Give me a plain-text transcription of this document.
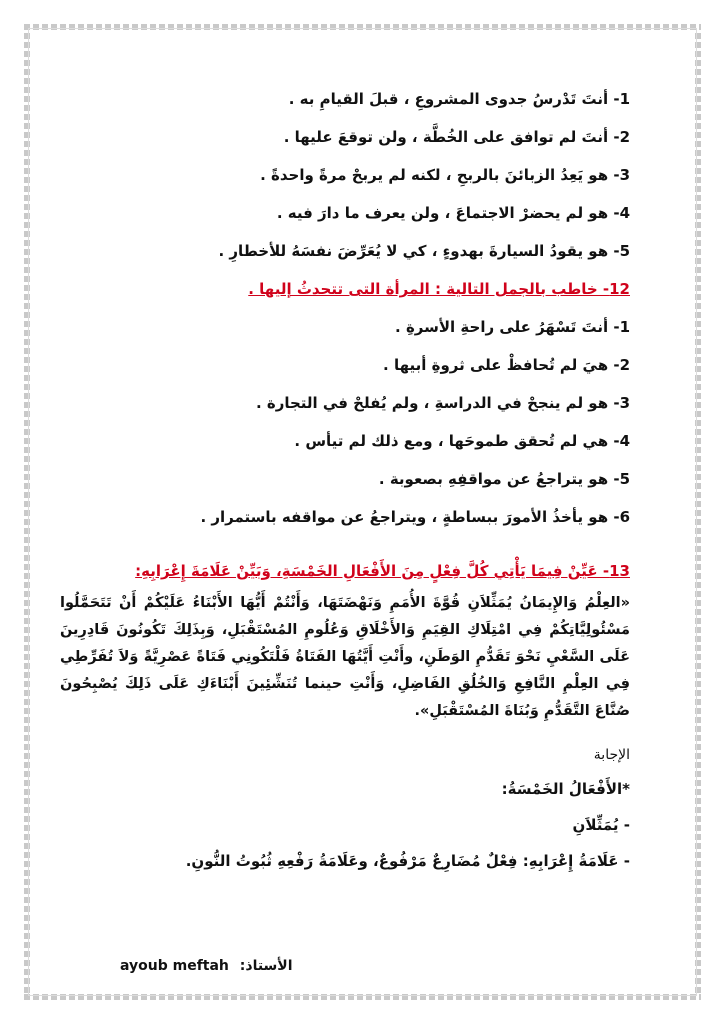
1- أنتَ تَدْرسُ جدوى المشروعِ ، قبلَ القيامِ به .
2- أنتَ لم توافق على الخُطَّة ، ولن توقعَ عليها .
3- هو يَعِدُ الزبائنَ بالربحِ ، لكنه لم يربحْ مرةً واحدةً .
4- هو لم يحضرْ الاجتماعَ ، ولن يعرف ما دارَ فيه .
5- هو يقودُ السيارةَ بهدوءٍ ، كي لا يُعَرِّضَ نفسَهُ للأخطارِ .
12- خاطب بالجمل التالية : المرأة التى تتحدثُ إليها .
1- أنتَ تَسْهَرُ على راحةِ الأسرةِ .
2- هيَ لم تُحافظْ على ثروةِ أبيها .
3- هو لم ينجحْ في الدراسةِ ، ولم يُفلحْ في التجارة .
4- هي لم تُحقق طموحَها ، ومع ذلك لم تيأس .
5- هو يتراجعُ عن مواقفِهِ بصعوبة .
6- هو يأخذُ الأمورَ ببساطةٍ ، ويتراجعُ عن مواقفه باستمرار .
13- عَيِّنْ فِيمَا يَأْتِي كُلَّ فِعْلٍ مِنَ الأَفْعَالِ الخَمْسَةِ، وَبَيِّنْ عَلَامَةَ إِعْرَابِهِ:
«العِلْمُ وَالإِيمَانُ يُمَثِّلاَنِ قُوَّةَ الأُمَمِ وَنَهْضَتَهَا، وَأَنْتُمْ أَيُّهَا الأَبْنَاءُ عَلَيْكُمْ أَنْ تَتَحَمَّلُوا مَسْئُولِيَّاتِكُمْ فِي امْتِلَاكِ القِيَمِ وَالأَخْلَاقِ وَعُلُومِ المُسْتَقْبَلِ، وَبِذَلِكَ تَكُونُونَ قَادِرِينَ عَلَى السَّعْيِ نَحْوَ تَقَدُّمِ الوَطَنِ، وأَنْتِ أَيَّتُهَا الفَتَاةُ فَلْتَكُونِي فَتَاةً عَصْرِيَّةً وَلاَ تُفَرِّطِي فِي العِلْمِ النَّافِعِ وَالخُلُقِ الفَاضِلِ، وَأَنْتِ حينما تُنَشِّئِينَ أَبْنَاءَكِ عَلَى ذَلِكَ يُصْبِحُونَ صُنَّاعَ التَّقَدُّمِ وَبُنَاةَ المُسْتَقْبَلِ».
الإجابة
*الأَفْعَالُ الخَمْسَةُ:
- يُمَثِّلاَنِ
- عَلَامَةُ إِعْرَابِهِ: فِعْلٌ مُضَارِعٌ مَرْفُوعٌ، وعَلَامَةُ رَفْعِهِ ثُبُوتُ النُّونِ.
الأستاذ: ayoub meftah
